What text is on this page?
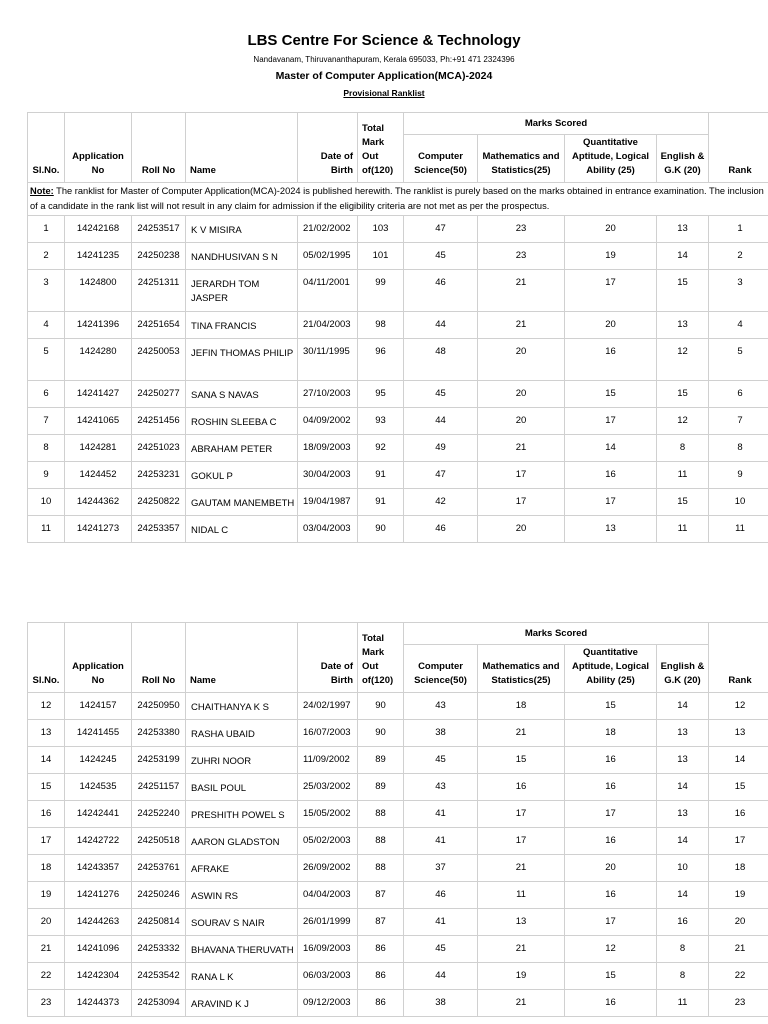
LBS Centre For Science & Technology
Nandavanam, Thiruvananthapuram, Kerala 695033, Ph:+91 471 2324396
Master of Computer Application(MCA)-2024
Provisional Ranklist
Sl.No.	Application No	Roll No	Name	Date of Birth	Total Mark Out of(120)	Marks Scored				Rank
						Computer Science(50)	Mathematics and Statistics(25)	Quantitative Aptitude, Logical Ability (25)	English & G.K (20)	
Note: The ranklist for Master of Computer Application(MCA)-2024 is published herewith. The ranklist is purely based on the marks obtained in entrance examination. The inclusion of a candidate in the rank list will not result in any claim for admission if the eligibility criteria are not met as per the prospectus.										
1	14242168	24253517	K V MISIRA	21/02/2002	103	47	23	20	13	1
2	14241235	24250238	NANDHUSIVAN S N	05/02/1995	101	45	23	19	14	2
3	1424800	24251311	JERARDH TOM JASPER	04/11/2001	99	46	21	17	15	3
4	14241396	24251654	TINA FRANCIS	21/04/2003	98	44	21	20	13	4
5	1424280	24250053	JEFIN THOMAS PHILIP	30/11/1995	96	48	20	16	12	5
6	14241427	24250277	SANA S NAVAS	27/10/2003	95	45	20	15	15	6
7	14241065	24251456	ROSHIN SLEEBA C	04/09/2002	93	44	20	17	12	7
8	1424281	24251023	ABRAHAM PETER	18/09/2003	92	49	21	14	8	8
9	1424452	24253231	GOKUL P	30/04/2003	91	47	17	16	11	9
10	14244362	24250822	GAUTAM MANEMBETH	19/04/1987	91	42	17	17	15	10
11	14241273	24253357	NIDAL C	03/04/2003	90	46	20	13	11	11
Sl.No.	Application No	Roll No	Name	Date of Birth	Total Mark Out of(120)	Marks Scored				Rank
						Computer Science(50)	Mathematics and Statistics(25)	Quantitative Aptitude, Logical Ability (25)	English & G.K (20)	
12	1424157	24250950	CHAITHANYA K S	24/02/1997	90	43	18	15	14	12
13	14241455	24253380	RASHA UBAID	16/07/2003	90	38	21	18	13	13
14	1424245	24253199	ZUHRI NOOR	11/09/2002	89	45	15	16	13	14
15	1424535	24251157	BASIL POUL	25/03/2002	89	43	16	16	14	15
16	14242441	24252240	PRESHITH POWEL S	15/05/2002	88	41	17	17	13	16
17	14242722	24250518	AARON GLADSTON	05/02/2003	88	41	17	16	14	17
18	14243357	24253761	AFRAKE	26/09/2002	88	37	21	20	10	18
19	14241276	24250246	ASWIN RS	04/04/2003	87	46	11	16	14	19
20	14244263	24250814	SOURAV S NAIR	26/01/1999	87	41	13	17	16	20
21	14241096	24253332	BHAVANA THERUVATH	16/09/2003	86	45	21	12	8	21
22	14242304	24253542	RANA L K	06/03/2003	86	44	19	15	8	22
23	14244373	24253094	ARAVIND K J	09/12/2003	86	38	21	16	11	23
